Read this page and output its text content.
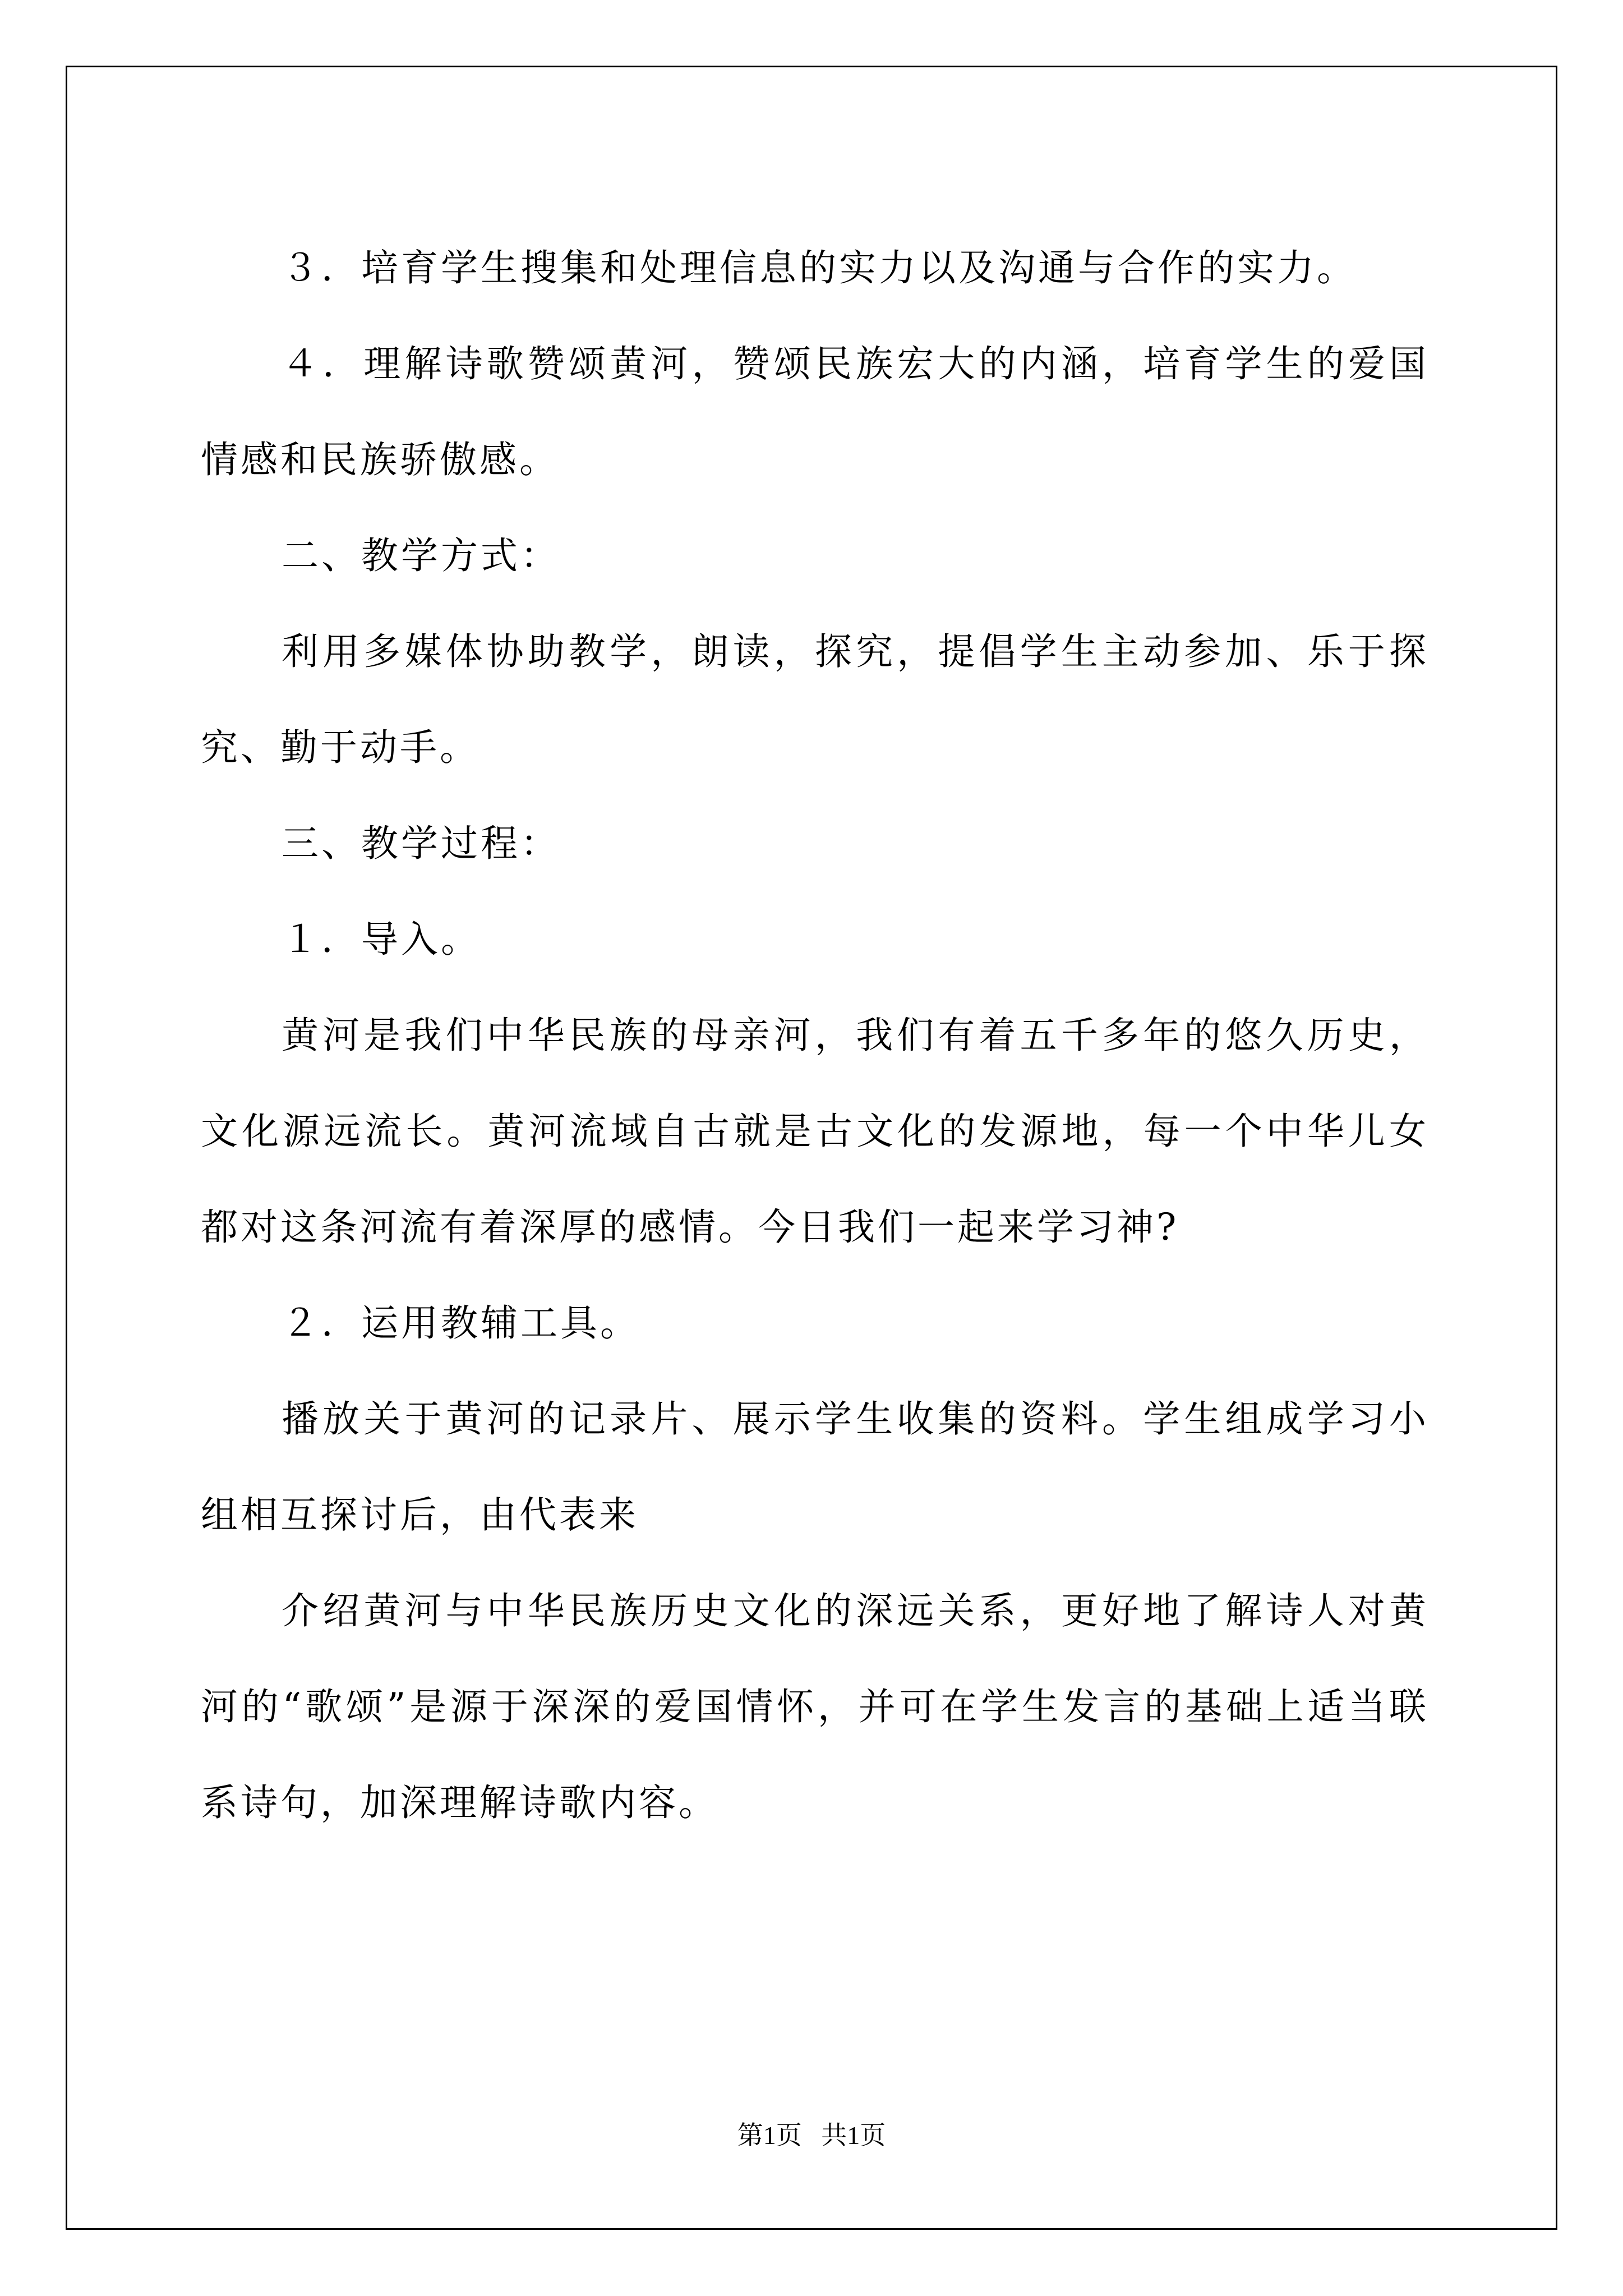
３．培育学生搜集和处理信息的实力以及沟通与合作的实力。

４．理解诗歌赞颂黄河，赞颂民族宏大的内涵，培育学生的爱国情感和民族骄傲感。

二、教学方式：

利用多媒体协助教学，朗读，探究，提倡学生主动参加、乐于探究、勤于动手。

三、教学过程：

１．导入。

黄河是我们中华民族的母亲河，我们有着五千多年的悠久历史，文化源远流长。黄河流域自古就是古文化的发源地，每一个中华儿女都对这条河流有着深厚的感情。今日我们一起来学习神?

２．运用教辅工具。

播放关于黄河的记录片、展示学生收集的资料。学生组成学习小组相互探讨后，由代表来

介绍黄河与中华民族历史文化的深远关系，更好地了解诗人对黄河的“歌颂”是源于深深的爱国情怀，并可在学生发言的基础上适当联系诗句，加深理解诗歌内容。

第1页   共1页
